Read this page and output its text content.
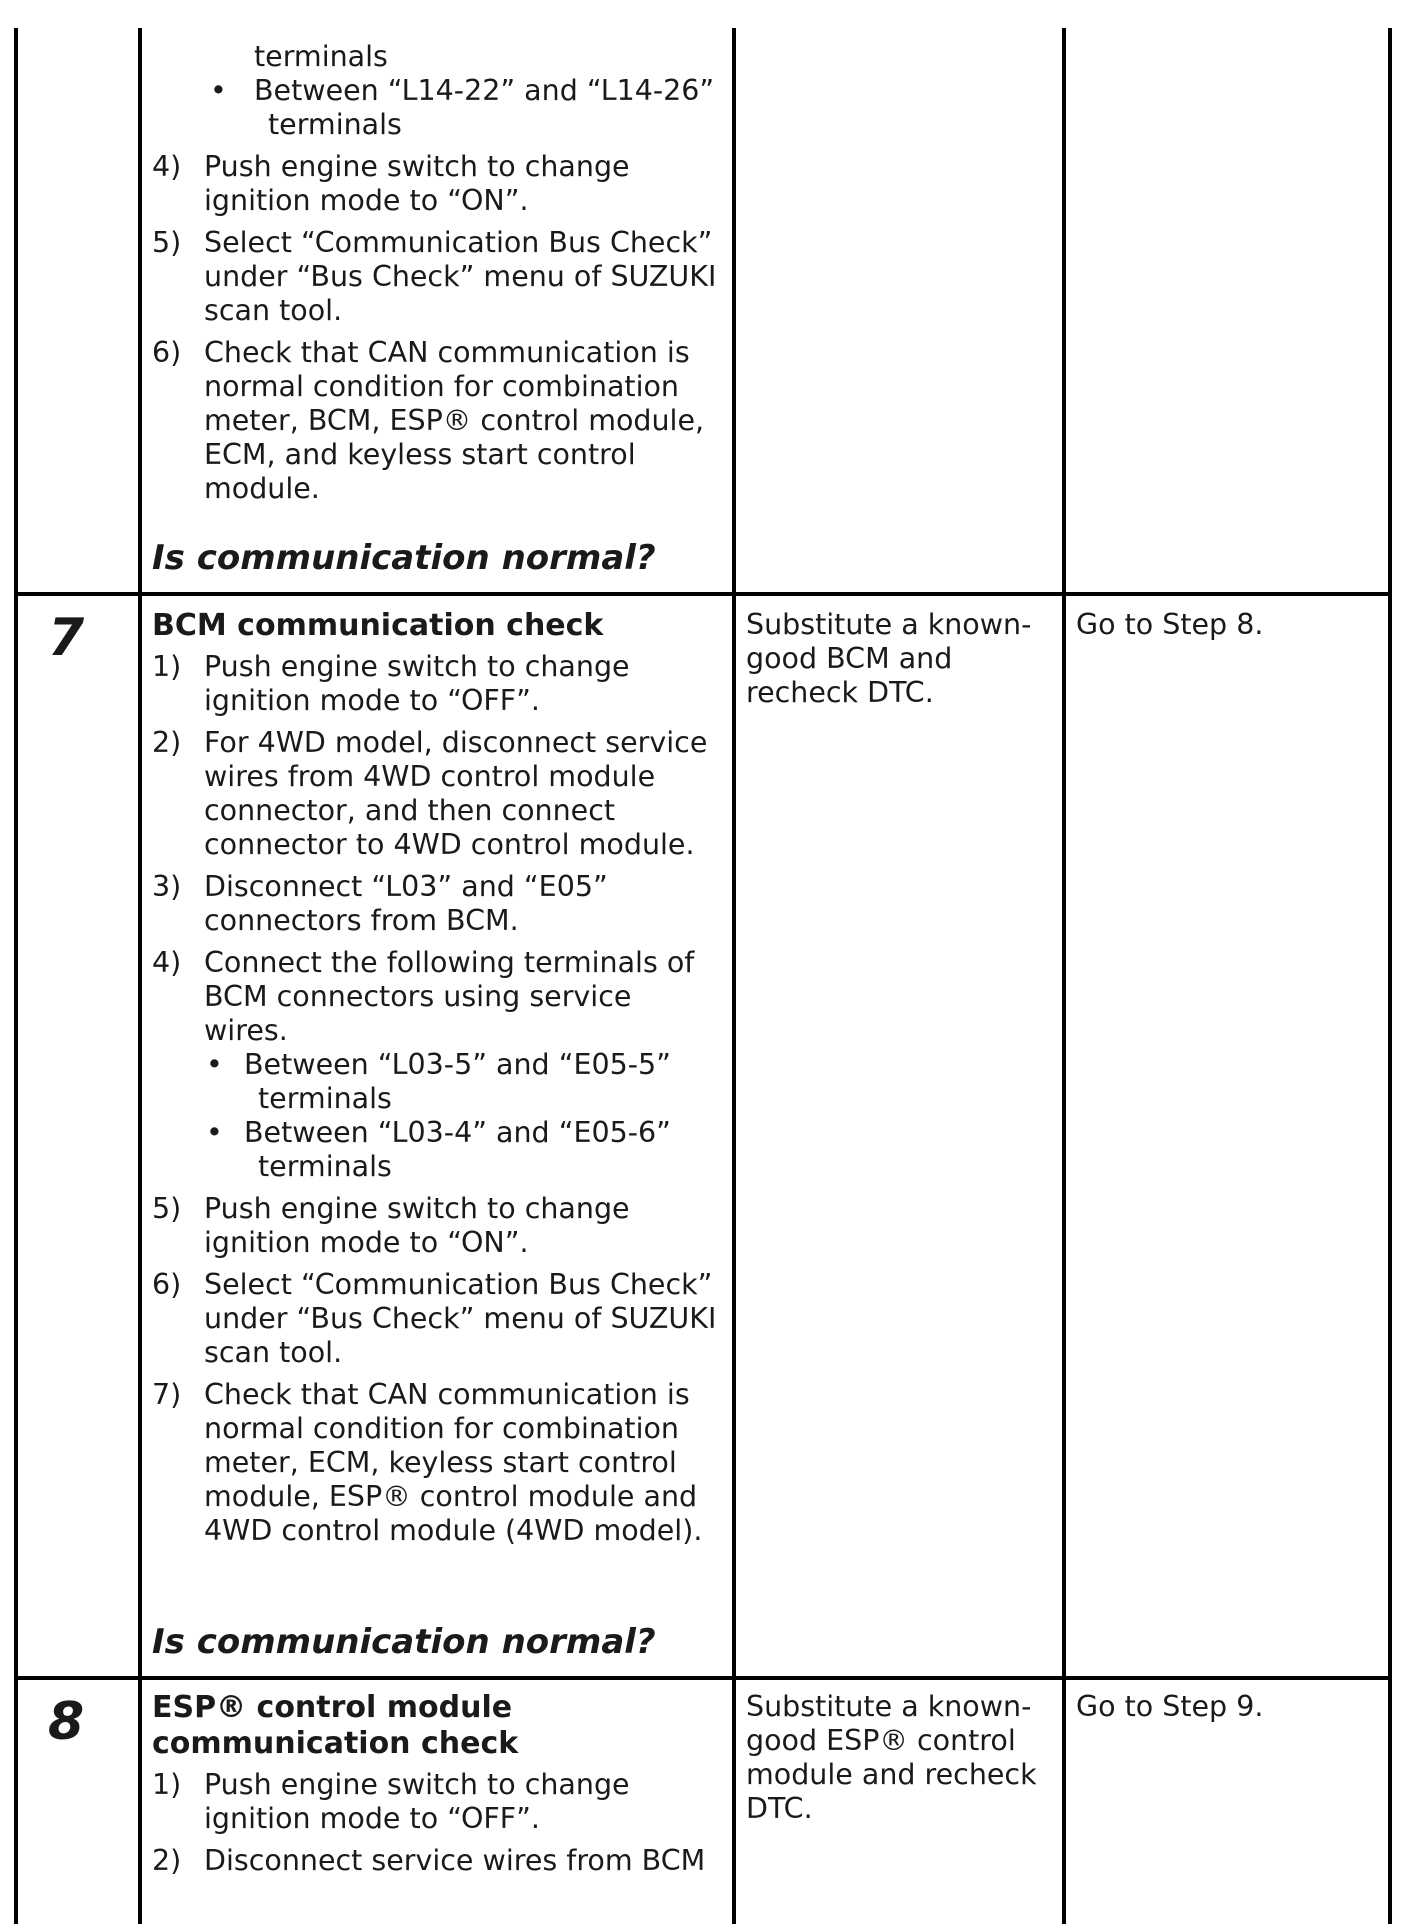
terminals
• Between “L14-22” and “L14-26”
terminals
4) Push engine switch to change ignition mode to “ON”.
5) Select “Communication Bus Check” under “Bus Check” menu of SUZUKI scan tool.
6) Check that CAN communication is normal condition for combination meter, BCM, ESP® control module, ECM, and keyless start control module.
Is communication normal?
7 BCM communication check
1) Push engine switch to change ignition mode to “OFF”.
2) For 4WD model, disconnect service wires from 4WD control module connector, and then connect connector to 4WD control module.
3) Disconnect “L03” and “E05” connectors from BCM.
4) Connect the following terminals of BCM connectors using service wires.
• Between “L03-5” and “E05-5”
terminals
• Between “L03-4” and “E05-6”
terminals
5) Push engine switch to change ignition mode to “ON”.
6) Select “Communication Bus Check” under “Bus Check” menu of SUZUKI scan tool.
7) Check that CAN communication is normal condition for combination meter, ECM, keyless start control module, ESP® control module and 4WD control module (4WD model).
Is communication normal?
Substitute a known-good BCM and recheck DTC.
Go to Step 8.
8 ESP® control module communication check
1) Push engine switch to change ignition mode to “OFF”.
2) Disconnect service wires from BCM
Substitute a known-good ESP® control module and recheck DTC.
Go to Step 9.
